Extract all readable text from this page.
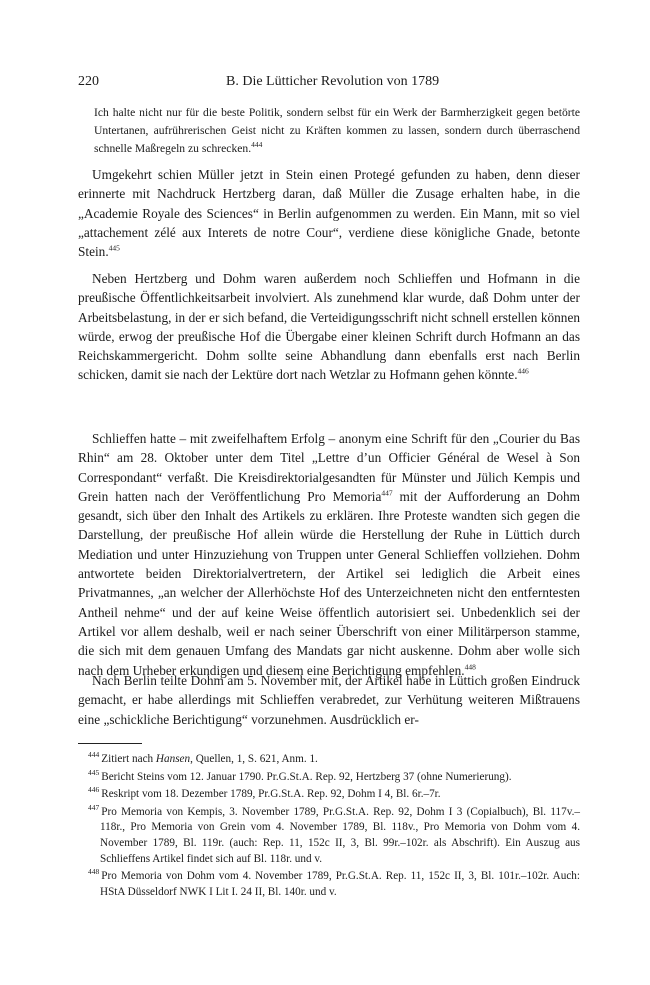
220	B. Die Lütticher Revolution von 1789
Ich halte nicht nur für die beste Politik, sondern selbst für ein Werk der Barmherzigkeit gegen betörte Untertanen, aufrührerischen Geist nicht zu Kräften kommen zu lassen, sondern durch überraschend schnelle Maßregeln zu schrecken.$^{444}$
Umgekehrt schien Müller jetzt in Stein einen Protegé gefunden zu haben, denn dieser erinnerte mit Nachdruck Hertzberg daran, daß Müller die Zusage erhalten habe, in die „Academie Royale des Sciences“ in Berlin aufgenommen zu werden. Ein Mann, mit so viel „attachement zélé aux Interets de notre Cour“, verdiene diese königliche Gnade, betonte Stein.$^{445}$
Neben Hertzberg und Dohm waren außerdem noch Schlieffen und Hofmann in die preußische Öffentlichkeitsarbeit involviert. Als zunehmend klar wurde, daß Dohm unter der Arbeitsbelastung, in der er sich befand, die Verteidigungsschrift nicht schnell erstellen können würde, erwog der preußische Hof die Übergabe einer kleinen Schrift durch Hofmann an das Reichskammergericht. Dohm sollte seine Abhandlung dann ebenfalls erst nach Berlin schicken, damit sie nach der Lektüre dort nach Wetzlar zu Hofmann gehen könnte.$^{446}$
Schlieffen hatte – mit zweifelhaftem Erfolg – anonym eine Schrift für den „Courier du Bas Rhin“ am 28. Oktober unter dem Titel „Lettre d’un Officier Général de Wesel à Son Correspondant“ verfaßt. Die Kreisdirektorialgesandten für Münster und Jülich Kempis und Grein hatten nach der Veröffentlichung Pro Memoria$^{447}$ mit der Aufforderung an Dohm gesandt, sich über den Inhalt des Artikels zu erklären. Ihre Proteste wandten sich gegen die Darstellung, der preußische Hof allein würde die Herstellung der Ruhe in Lüttich durch Mediation und unter Hinzuziehung von Truppen unter General Schlieffen vollziehen. Dohm antwortete beiden Direktorialvertretern, der Artikel sei lediglich die Arbeit eines Privatmannes, „an welcher der Allerhöchste Hof des Unterzeichneten nicht den entferntesten Antheil nehme“ und der auf keine Weise öffentlich autorisiert sei. Unbedenklich sei der Artikel vor allem deshalb, weil er nach seiner Überschrift von einer Militärperson stamme, die sich mit dem genauen Umfang des Mandats gar nicht auskenne. Dohm aber wolle sich nach dem Urheber erkundigen und diesem eine Berichtigung empfehlen.$^{448}$
Nach Berlin teilte Dohm am 5. November mit, der Artikel habe in Lüttich großen Eindruck gemacht, er habe allerdings mit Schlieffen verabredet, zur Verhütung weiteren Mißtrauens eine „schickliche Berichtigung“ vorzunehmen. Ausdrücklich er-
$^{444}$ Zitiert nach Hansen, Quellen, 1, S. 621, Anm. 1.
$^{445}$ Bericht Steins vom 12. Januar 1790. Pr.G.St.A. Rep. 92, Hertzberg 37 (ohne Numerierung).
$^{446}$ Reskript vom 18. Dezember 1789, Pr.G.St.A. Rep. 92, Dohm I 4, Bl. 6r.–7r.
$^{447}$ Pro Memoria von Kempis, 3. November 1789, Pr.G.St.A. Rep. 92, Dohm I 3 (Copialbuch), Bl. 117v.–118r., Pro Memoria von Grein vom 4. November 1789, Bl. 118v., Pro Memoria von Dohm vom 4. November 1789, Bl. 119r. (auch: Rep. 11, 152c II, 3, Bl. 99r.–102r. als Abschrift). Ein Auszug aus Schlieffens Artikel findet sich auf Bl. 118r. und v.
$^{448}$ Pro Memoria von Dohm vom 4. November 1789, Pr.G.St.A. Rep. 11, 152c II, 3, Bl. 101r.–102r. Auch: HStA Düsseldorf NWK I Lit I. 24 II, Bl. 140r. und v.
